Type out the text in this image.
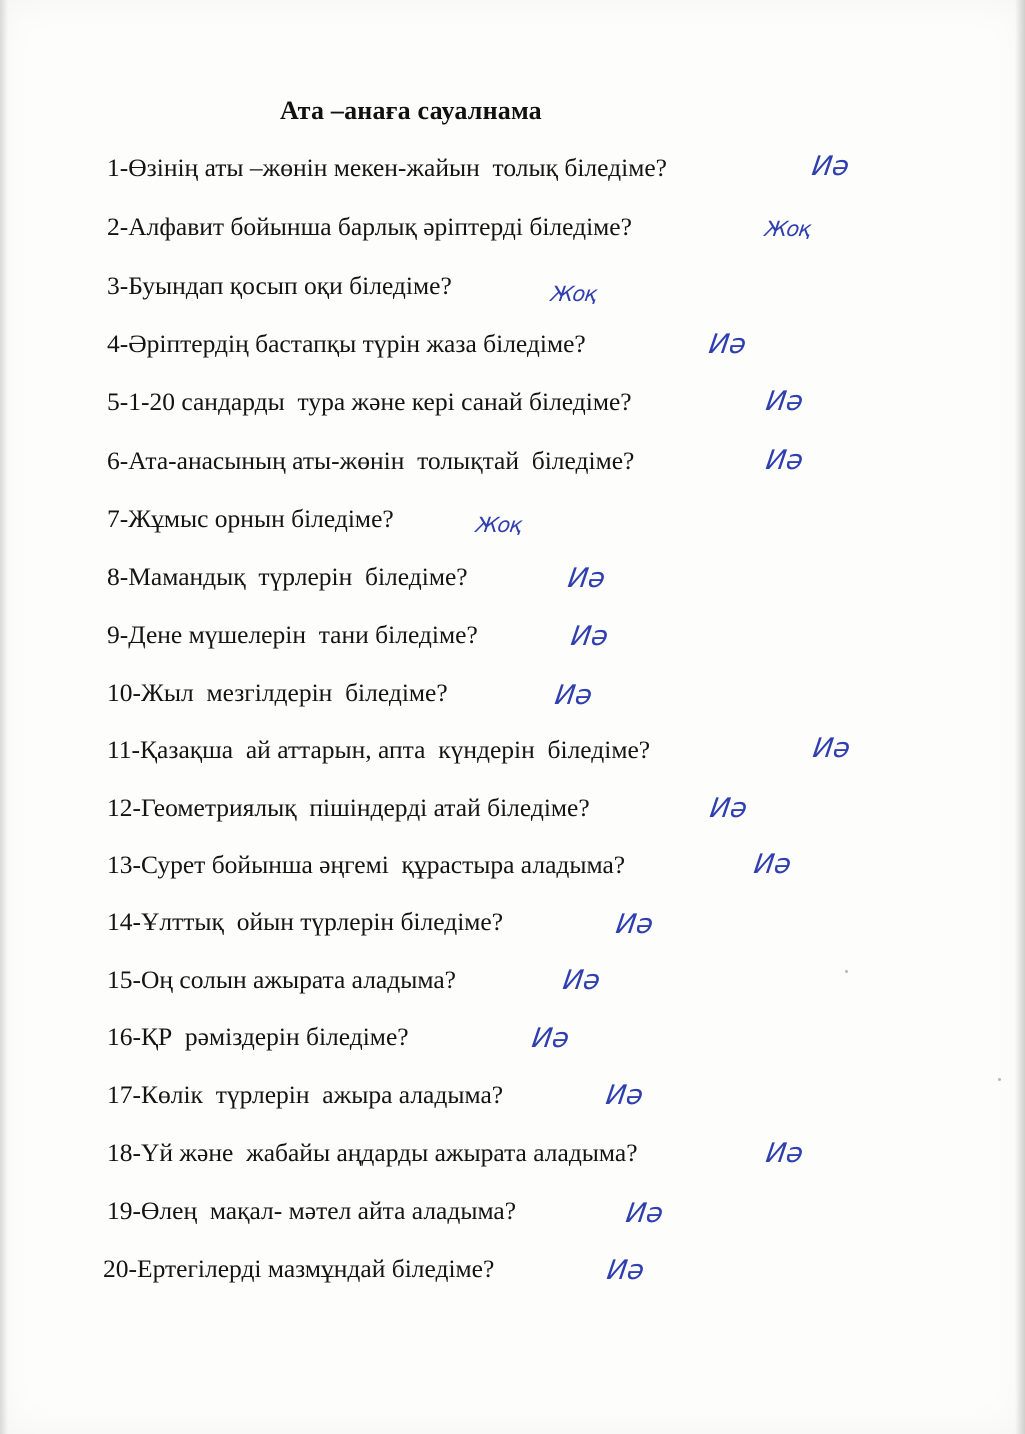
Ата –анаға сауалнама
1-Өзінің аты –жөнін мекен-жайын  толық біледіме?	Иә
2-Алфавит бойынша барлық әріптерді біледіме?	Жоқ
3-Буындап қосып оқи біледіме?	Жоқ
4-Әріптердің бастапқы түрін жаза біледіме?	Иә
5-1-20 сандарды  тура және кері санай біледіме?	Иә
6-Ата-анасының аты-жөнін  толықтай  біледіме?	Иә
7-Жұмыс орнын біледіме?	Жоқ
8-Мамандық  түрлерін  біледіме?	Иә
9-Дене мүшелерін  тани біледіме?	Иә
10-Жыл  мезгілдерін  біледіме?	Иә
11-Қазақша  ай аттарын, апта  күндерін  біледіме?	Иә
12-Геометриялық  пішіндерді атай біледіме?	Иә
13-Сурет бойынша әңгемі  құрастыра аладыма?	Иә
14-Ұлттық  ойын түрлерін біледіме?	Иә
15-Оң солын ажырата аладыма?	Иә
16-ҚР  рәміздерін біледіме?	Иә
17-Көлік  түрлерін  ажыра аладыма?	Иә
18-Үй және  жабайы аңдарды ажырата аладыма?	Иә
19-Өлең  мақал- мәтел айта аладыма?	Иә
20-Ертегілерді мазмұндай біледіме?	Иә
